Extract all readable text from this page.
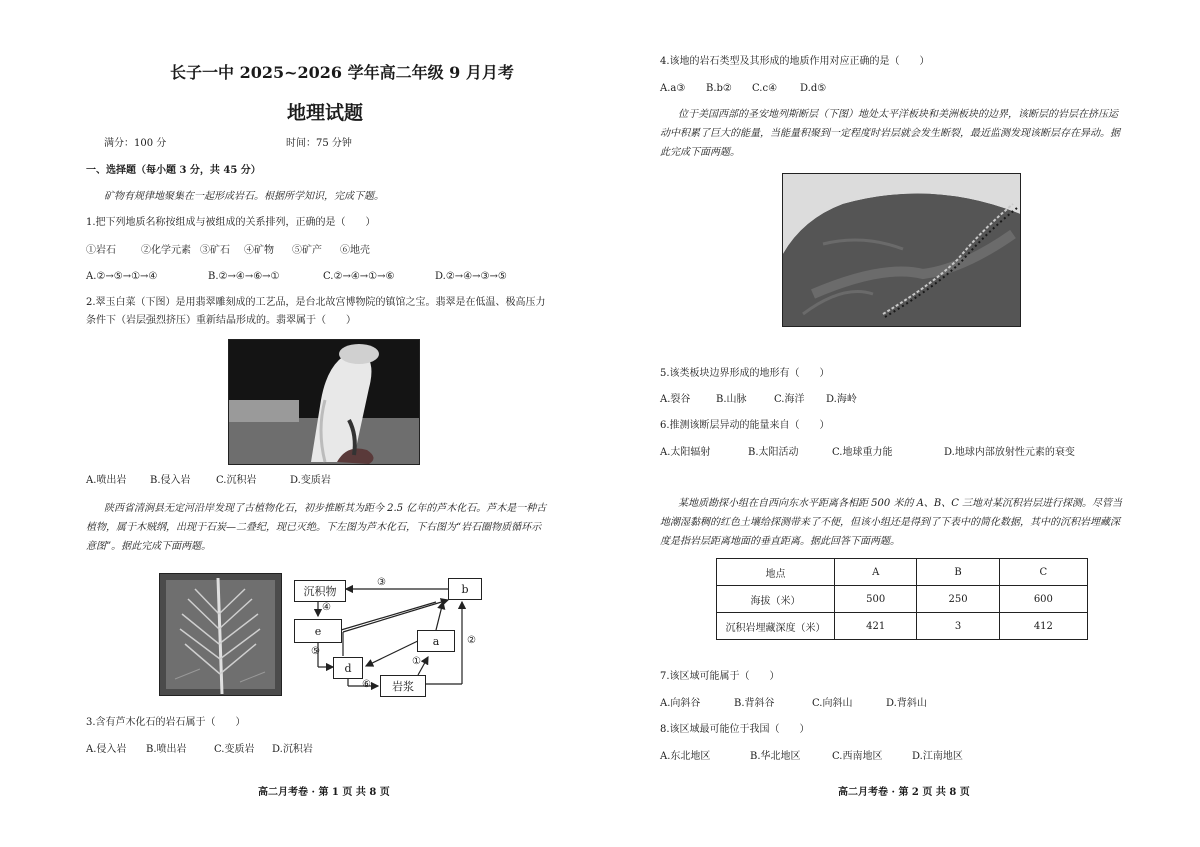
长子一中 2025~2026 学年高二年级 9 月月考
地理试题
满分：100 分	时间：75 分钟
一、选择题（每小题 3 分，共 45 分）
矿物有规律地聚集在一起形成岩石。根据所学知识，完成下题。
1.把下列地质名称按组成与被组成的关系排列，正确的是（　　）
①岩石	②化学元素 ③矿石 ④矿物 ⑤矿产 ⑥地壳
A.②→⑤→①→④	B.②→④→⑥→①	C.②→④→①→⑥	D.②→④→③→⑤
2.翠玉白菜（下图）是用翡翠雕刻成的工艺品，是台北故宫博物院的镇馆之宝。翡翠是在低温、极高压力
条件下（岩层强烈挤压）重新结晶形成的。翡翠属于（　　）
A.喷出岩 B.侵入岩	C.沉积岩	D.变质岩
陕西省清涧县无定河沿岸发现了古植物化石，初步推断其为距今 2.5 亿年的芦木化石。芦木是一种古
植物，属于木贼纲，出现于石炭—二叠纪，现已灭绝。下左图为芦木化石，下右图为“岩石圈物质循环示
意图”。据此完成下面两题。
沉积物
e
d
a
b
岩浆
③
④
⑤
⑥
①
②
3.含有芦木化石的岩石属于（　　）
A.侵入岩 B.喷出岩	C.变质岩 D.沉积岩
高二月考卷 · 第 1 页 共 8 页
4.该地的岩石类型及其形成的地质作用对应正确的是（　　）
A.a③ B.b② C.c④ D.d⑤
位于美国西部的圣安地列斯断层（下图）地处太平洋板块和美洲板块的边界，该断层的岩层在挤压运
动中积累了巨大的能量，当能量积聚到一定程度时岩层就会发生断裂，最近监测发现该断层存在异动。据
此完成下面两题。
5.该类板块边界形成的地形有（　　）
A.裂谷	B.山脉	C.海洋 D.海岭
6.推测该断层异动的能量来自（　　）
A.太阳辐射	B.太阳活动	C.地球重力能	D.地球内部放射性元素的衰变
某地质勘探小组在自西向东水平距离各相距 500 米的 A、B、C 三地对某沉积岩层进行探测。尽管当
地潮湿黏稠的红色土壤给探测带来了不便，但该小组还是得到了下表中的简化数据，其中的沉积岩埋藏深
度是指岩层距离地面的垂直距离。据此回答下面两题。
地点	A	B	C
海拔（米）	500	250	600
沉积岩埋藏深度（米）	421	3	412
7.该区域可能属于（　　）
A.向斜谷	B.背斜谷	C.向斜山	D.背斜山
8.该区域最可能位于我国（　　）
A.东北地区	B.华北地区	C.西南地区	D.江南地区
高二月考卷 · 第 2 页 共 8 页
